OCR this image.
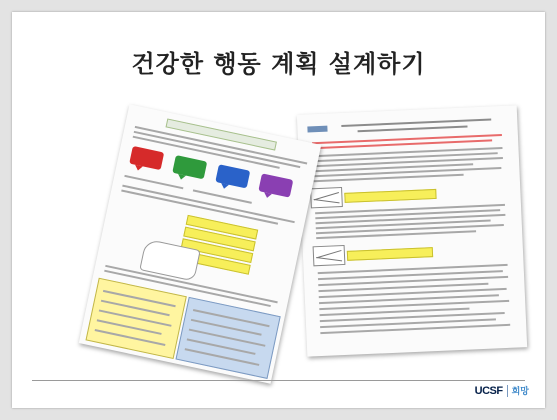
건강한 행동 계획 설계하기
UCSF 희망
